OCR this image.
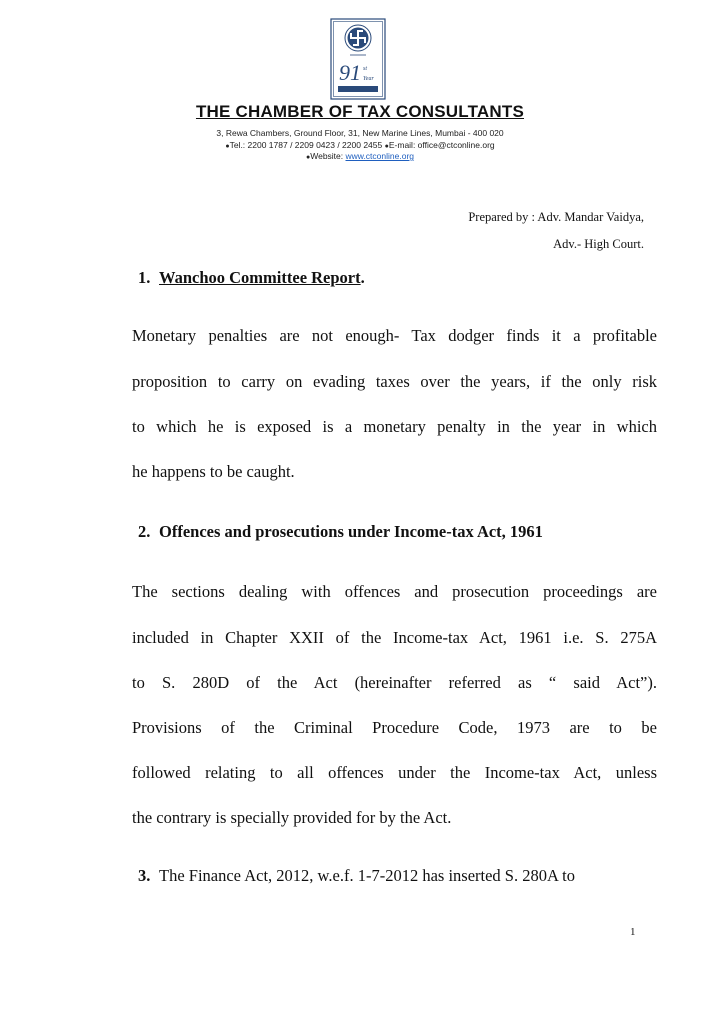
91 st
Year
THE CHAMBER OF TAX CONSULTANTS
3, Rewa Chambers, Ground Floor, 31, New Marine Lines, Mumbai - 400 020
●Tel.: 2200 1787 / 2209 0423 / 2200 2455 ●E-mail: office@ctconline.org
●Website: www.ctconline.org
Prepared by : Adv. Mandar Vaidya,
Adv.- High Court.
1. Wanchoo Committee Report.
Monetary penalties are not enough- Tax dodger finds it a profitable
proposition to carry on evading taxes over the years, if the only risk
to which he is exposed is a monetary penalty in the year in which
he happens to be caught.
2. Offences and prosecutions under Income-tax Act, 1961
The sections dealing with offences and prosecution proceedings are
included in Chapter XXII of the Income-tax Act, 1961 i.e. S. 275A
to S. 280D of the Act (hereinafter referred as “ said Act”).
Provisions of the Criminal Procedure Code, 1973 are to be
followed relating to all offences under the Income-tax Act, unless
the contrary is specially provided for by the Act.
3. The Finance Act, 2012, w.e.f. 1-7-2012 has inserted S. 280A to
1
